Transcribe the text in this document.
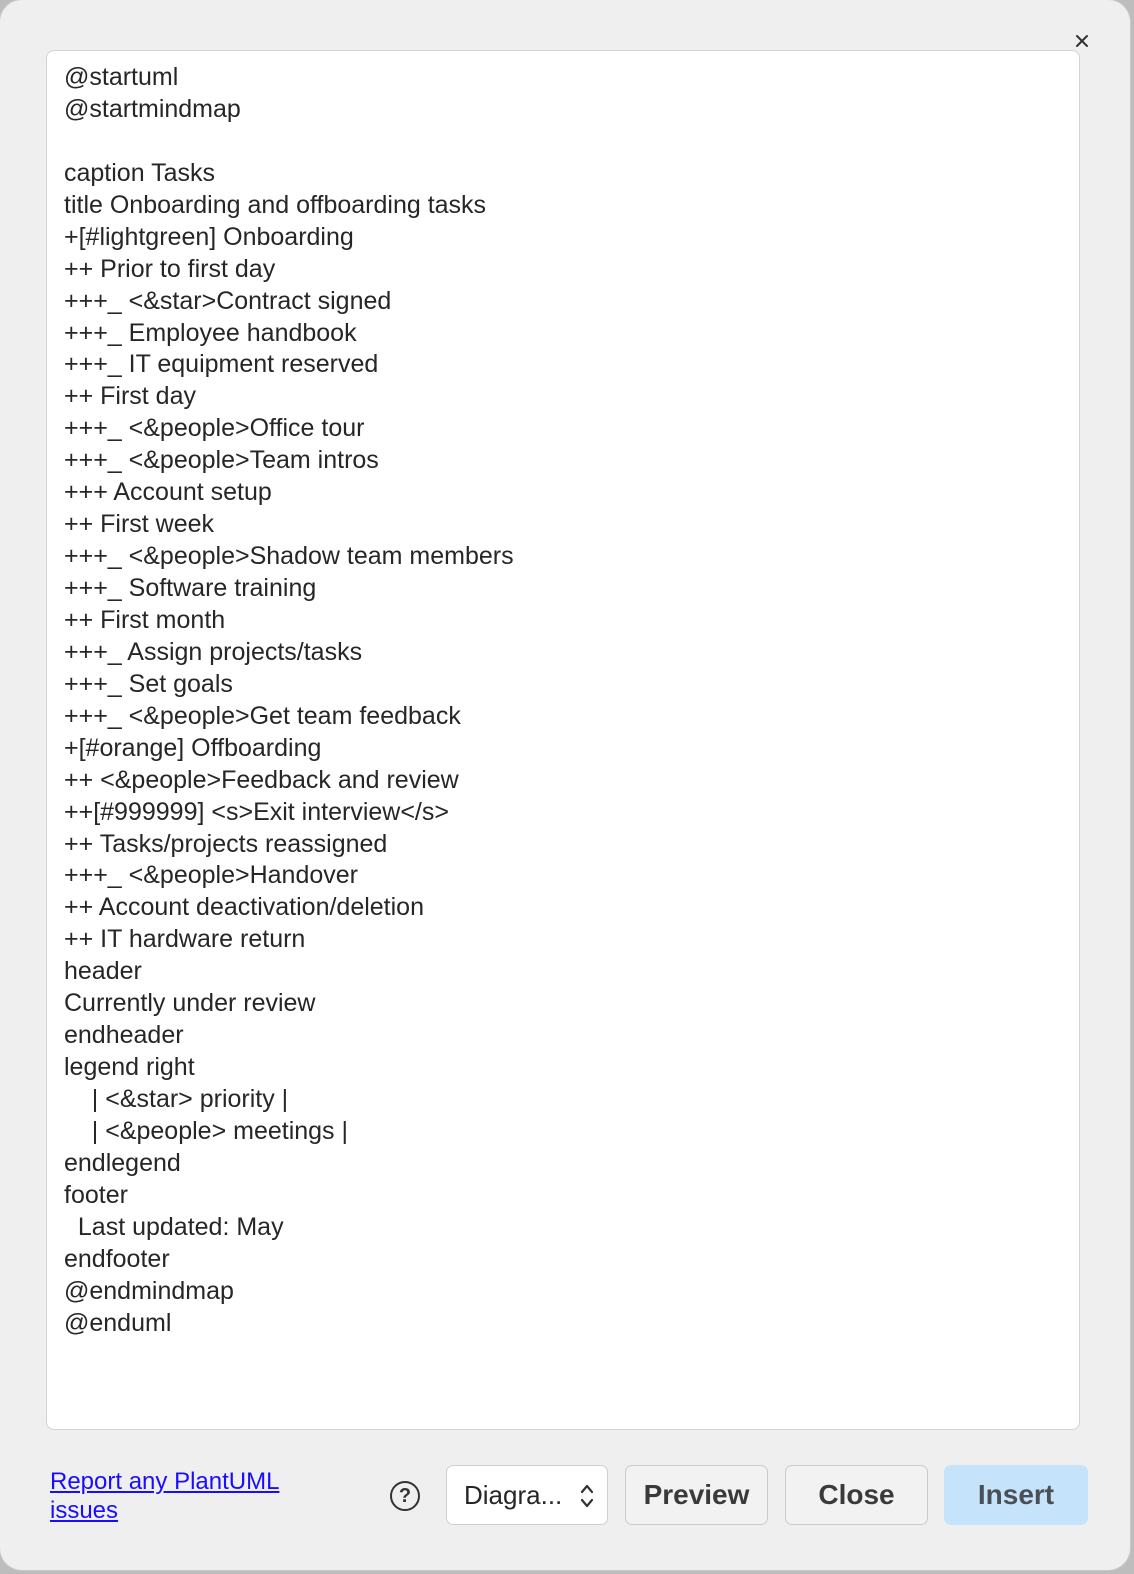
@startuml
@startmindmap
caption Tasks
title Onboarding and offboarding tasks
+[#lightgreen] Onboarding
++ Prior to first day
+++_ <&star>Contract signed
+++_ Employee handbook
+++_ IT equipment reserved
++ First day
+++_ <&people>Office tour
+++_ <&people>Team intros
+++ Account setup
++ First week
+++_ <&people>Shadow team members
+++_ Software training
++ First month
+++_ Assign projects/tasks
+++_ Set goals
+++_ <&people>Get team feedback
+[#orange] Offboarding
++ <&people>Feedback and review
++[#999999] <s>Exit interview</s>
++ Tasks/projects reassigned
+++_ <&people>Handover
++ Account deactivation/deletion
++ IT hardware return
header
Currently under review
endheader
legend right
| <&star> priority |
| <&people> meetings |
endlegend
footer
Last updated: May
endfooter
@endmindmap
@enduml
Report any PlantUML issues
?	Diagra...	Preview	Close	Insert
